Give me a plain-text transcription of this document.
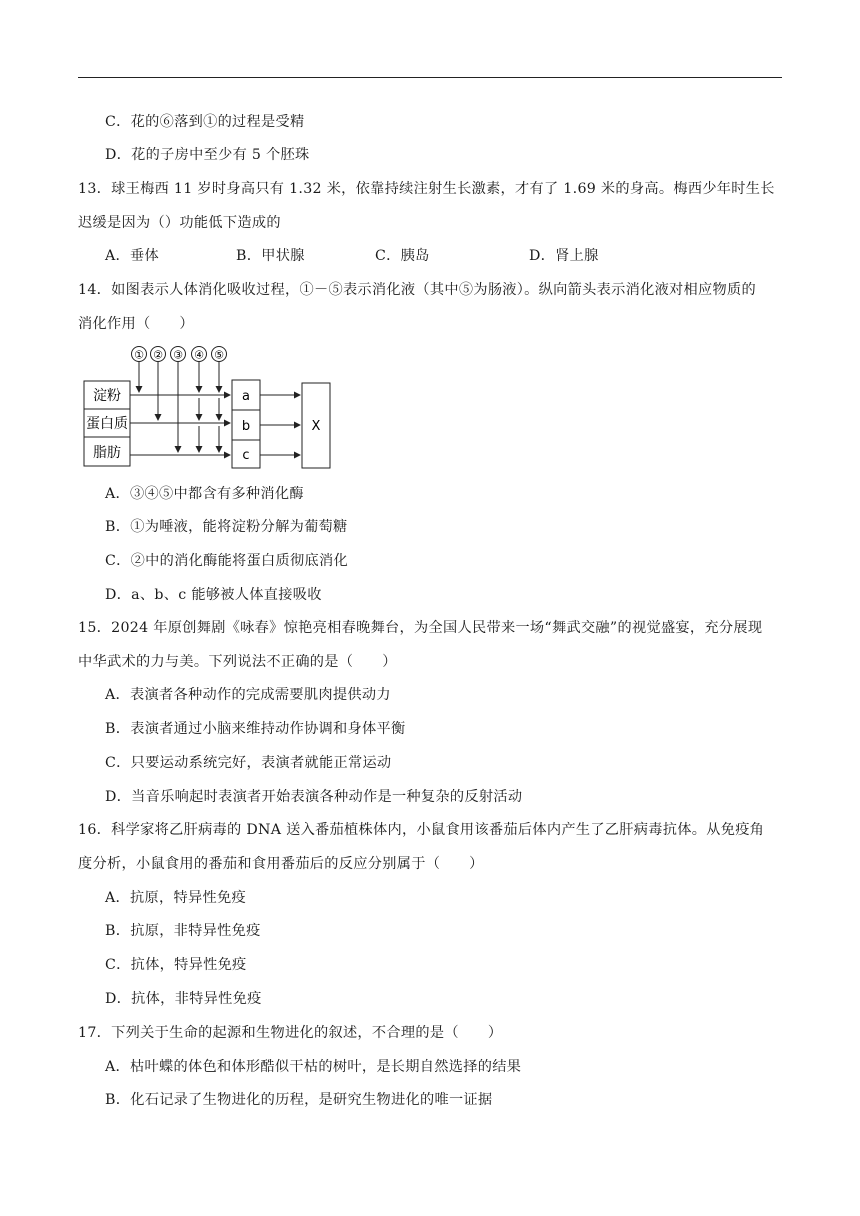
C．花的⑥落到①的过程是受精
D．花的子房中至少有 5 个胚珠
13．球王梅西 11 岁时身高只有 1.32 米，依靠持续注射生长激素，才有了 1.69 米的身高。梅西少年时生长
迟缓是因为（）功能低下造成的
A．垂体	B．甲状腺	C．胰岛	D．肾上腺
14．如图表示人体消化吸收过程，①－⑤表示消化液（其中⑤为肠液）。纵向箭头表示消化液对相应物质的
消化作用（　　）
① ② ③ ④ ⑤
淀粉
蛋白质
脂肪
a
b
c
X
A．③④⑤中都含有多种消化酶
B．①为唾液，能将淀粉分解为葡萄糖
C．②中的消化酶能将蛋白质彻底消化
D．a、b、c 能够被人体直接吸收
15．2024 年原创舞剧《咏春》惊艳亮相春晚舞台，为全国人民带来一场“舞武交融”的视觉盛宴，充分展现
中华武术的力与美。下列说法不正确的是（　　）
A．表演者各种动作的完成需要肌肉提供动力
B．表演者通过小脑来维持动作协调和身体平衡
C．只要运动系统完好，表演者就能正常运动
D．当音乐响起时表演者开始表演各种动作是一种复杂的反射活动
16．科学家将乙肝病毒的 DNA 送入番茄植株体内，小鼠食用该番茄后体内产生了乙肝病毒抗体。从免疫角
度分析，小鼠食用的番茄和食用番茄后的反应分别属于（　　）
A．抗原，特异性免疫
B．抗原，非特异性免疫
C．抗体，特异性免疫
D．抗体，非特异性免疫
17．下列关于生命的起源和生物进化的叙述，不合理的是（　　）
A．枯叶蝶的体色和体形酷似干枯的树叶，是长期自然选择的结果
B．化石记录了生物进化的历程，是研究生物进化的唯一证据
